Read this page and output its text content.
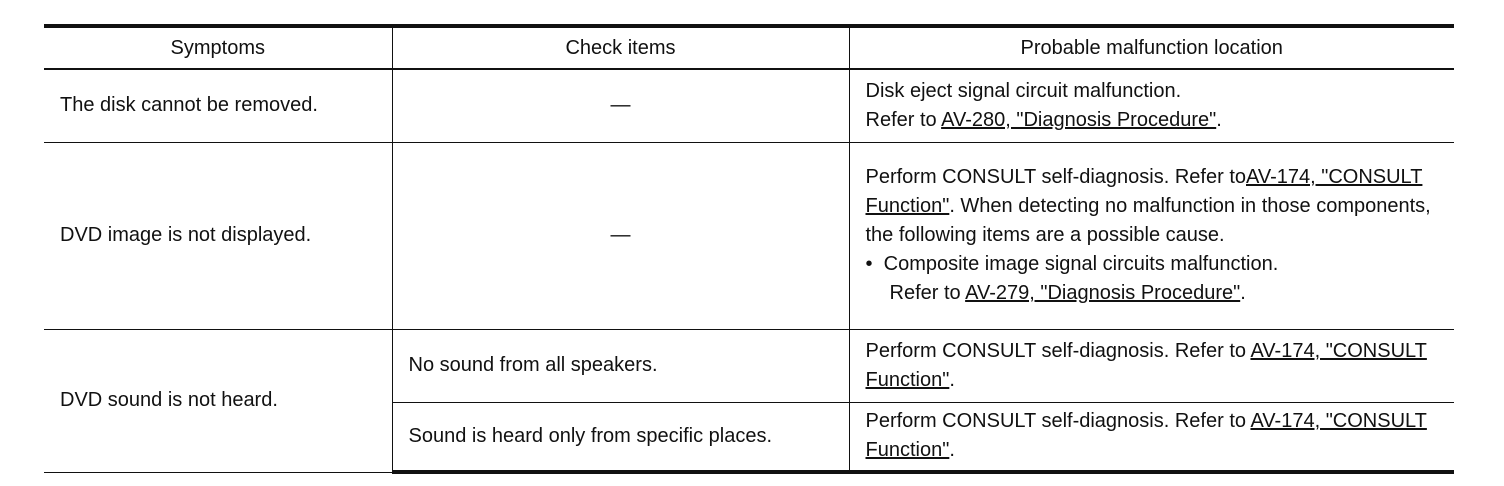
Symptoms	Check items	Probable malfunction location
The disk cannot be removed.	—	Disk eject signal circuit malfunction.
Refer to AV-280, "Diagnosis Procedure".

DVD image is not displayed.	—	Perform CONSULT self-diagnosis. Refer toAV-174, "CONSULT Function". When detecting no malfunction in those components, the following items are a possible cause.
• Composite image signal circuits malfunction.
Refer to AV-279, "Diagnosis Procedure".

DVD sound is not heard.	No sound from all speakers.	Perform CONSULT self-diagnosis. Refer to AV-174, "CONSULT Function".
	Sound is heard only from specific places.	Perform CONSULT self-diagnosis. Refer to AV-174, "CONSULT Function".
